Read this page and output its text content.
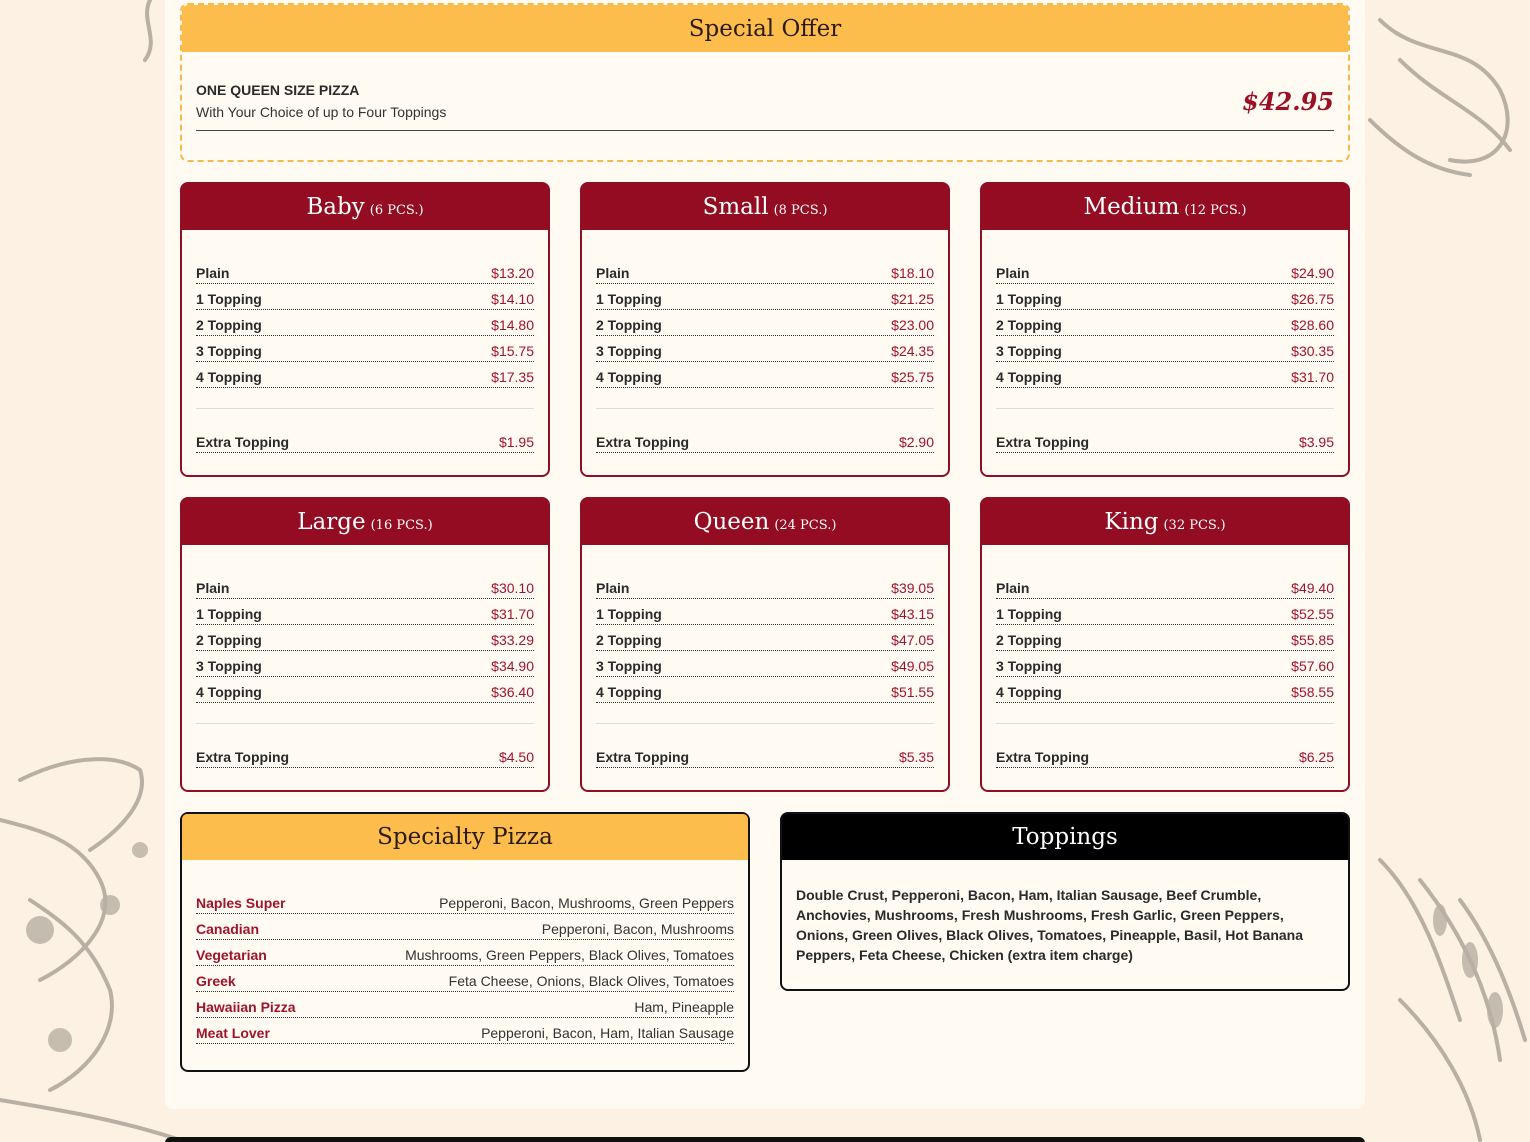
Special Offer
ONE QUEEN SIZE PIZZA
With Your Choice of up to Four Toppings	$42.95
Baby (6 PCS.)
Plain	$13.20
1 Topping	$14.10
2 Topping	$14.80
3 Topping	$15.75
4 Topping	$17.35
Extra Topping	$1.95
Small (8 PCS.)
Plain	$18.10
1 Topping	$21.25
2 Topping	$23.00
3 Topping	$24.35
4 Topping	$25.75
Extra Topping	$2.90
Medium (12 PCS.)
Plain	$24.90
1 Topping	$26.75
2 Topping	$28.60
3 Topping	$30.35
4 Topping	$31.70
Extra Topping	$3.95
Large (16 PCS.)
Plain	$30.10
1 Topping	$31.70
2 Topping	$33.29
3 Topping	$34.90
4 Topping	$36.40
Extra Topping	$4.50
Queen (24 PCS.)
Plain	$39.05
1 Topping	$43.15
2 Topping	$47.05
3 Topping	$49.05
4 Topping	$51.55
Extra Topping	$5.35
King (32 PCS.)
Plain	$49.40
1 Topping	$52.55
2 Topping	$55.85
3 Topping	$57.60
4 Topping	$58.55
Extra Topping	$6.25
Specialty Pizza
Naples Super	Pepperoni, Bacon, Mushrooms, Green Peppers
Canadian	Pepperoni, Bacon, Mushrooms
Vegetarian	Mushrooms, Green Peppers, Black Olives, Tomatoes
Greek	Feta Cheese, Onions, Black Olives, Tomatoes
Hawaiian Pizza	Ham, Pineapple
Meat Lover	Pepperoni, Bacon, Ham, Italian Sausage
Toppings
Double Crust, Pepperoni, Bacon, Ham, Italian Sausage, Beef Crumble, Anchovies, Mushrooms, Fresh Mushrooms, Fresh Garlic, Green Peppers, Onions, Green Olives, Black Olives, Tomatoes, Pineapple, Basil, Hot Banana Peppers, Feta Cheese, Chicken (extra item charge)
